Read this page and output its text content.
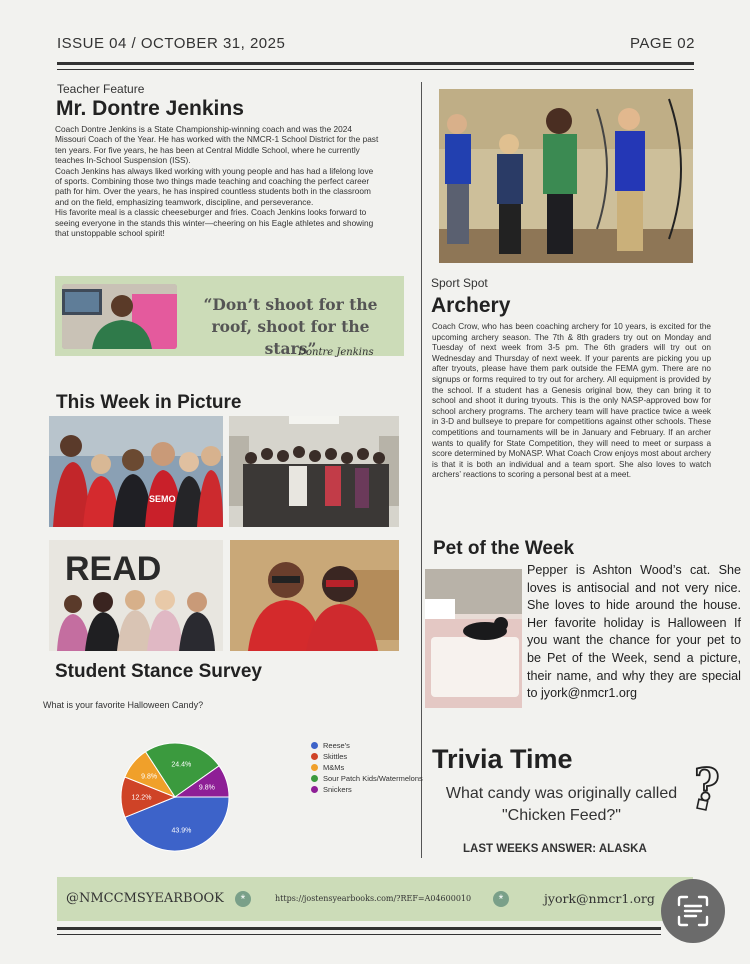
ISSUE 04 / OCTOBER 31, 2025	PAGE 02
Teacher Feature
Mr. Dontre Jenkins

Coach Dontre Jenkins is a State Championship-winning coach and was the 2024 Missouri Coach of the Year. He has worked with the NMCR-1 School District for the past ten years. For five years, he has been at Central Middle School, where he currently teaches In-School Suspension (ISS).

Coach Jenkins has always liked working with young people and has had a lifelong love of sports. Combining those two things made teaching and coaching the perfect career path for him. Over the years, he has inspired countless students both in the classroom and on the field, emphasizing teamwork, discipline, and perseverance.

His favorite meal is a classic cheeseburger and fries. Coach Jenkins looks forward to seeing everyone in the stands this winter—cheering on his Eagle athletes and showing that unstoppable school spirit!

“Don’t shoot for the roof, shoot for the stars”
Dontre Jenkins
This Week in Picture
SEMO
READ
Student Stance Survey
What is your favorite Halloween Candy?
43.9%
12.2%
9.8%
24.4%
9.8%
Reese's
Skittles
M&Ms
Sour Patch Kids/Watermelons
Snickers
Sport Spot
Archery
Coach Crow, who has been coaching archery for 10 years, is excited for the upcoming archery season. The 7th & 8th graders try out on Monday and Tuesday of next week from 3-5 pm. The 6th graders will try out on Wednesday and Thursday of next week. If your parents are picking you up after tryouts, please have them park outside the FEMA gym. There are no signups or forms required to try out for archery. All equipment is provided by the school. If a student has a Genesis original bow, they can bring it to school and shoot it during tryouts. This is the only NASP-approved bow for school archery programs. The archery team will have practice twice a week in 3-D and bullseye to prepare for competitions against other schools. These competitions and tournaments will be in January and February. If an archer wants to qualify for State Competition, they will need to meet or surpass a score determined by MoNASP. What Coach Crow enjoys most about archery is that it is both an individual and a team sport. She also loves to watch archers’ reactions to scoring a personal best at a meet.
Pet of the Week
Pepper is Ashton Wood’s cat. She loves is antisocial and not very nice. She loves to hide around the house. Her favorite holiday is Halloween If you want the chance for your pet to be Pet of the Week, send a picture, their name, and why they are special to jyork@nmcr1.org
Trivia Time
What candy was originally called "Chicken Feed?"
?
LAST WEEKS ANSWER: ALASKA
@NMCCMSYEARBOOK	*	https://jostensyearbooks.com/?REF=A04600010	*	jyork@nmcr1.org
